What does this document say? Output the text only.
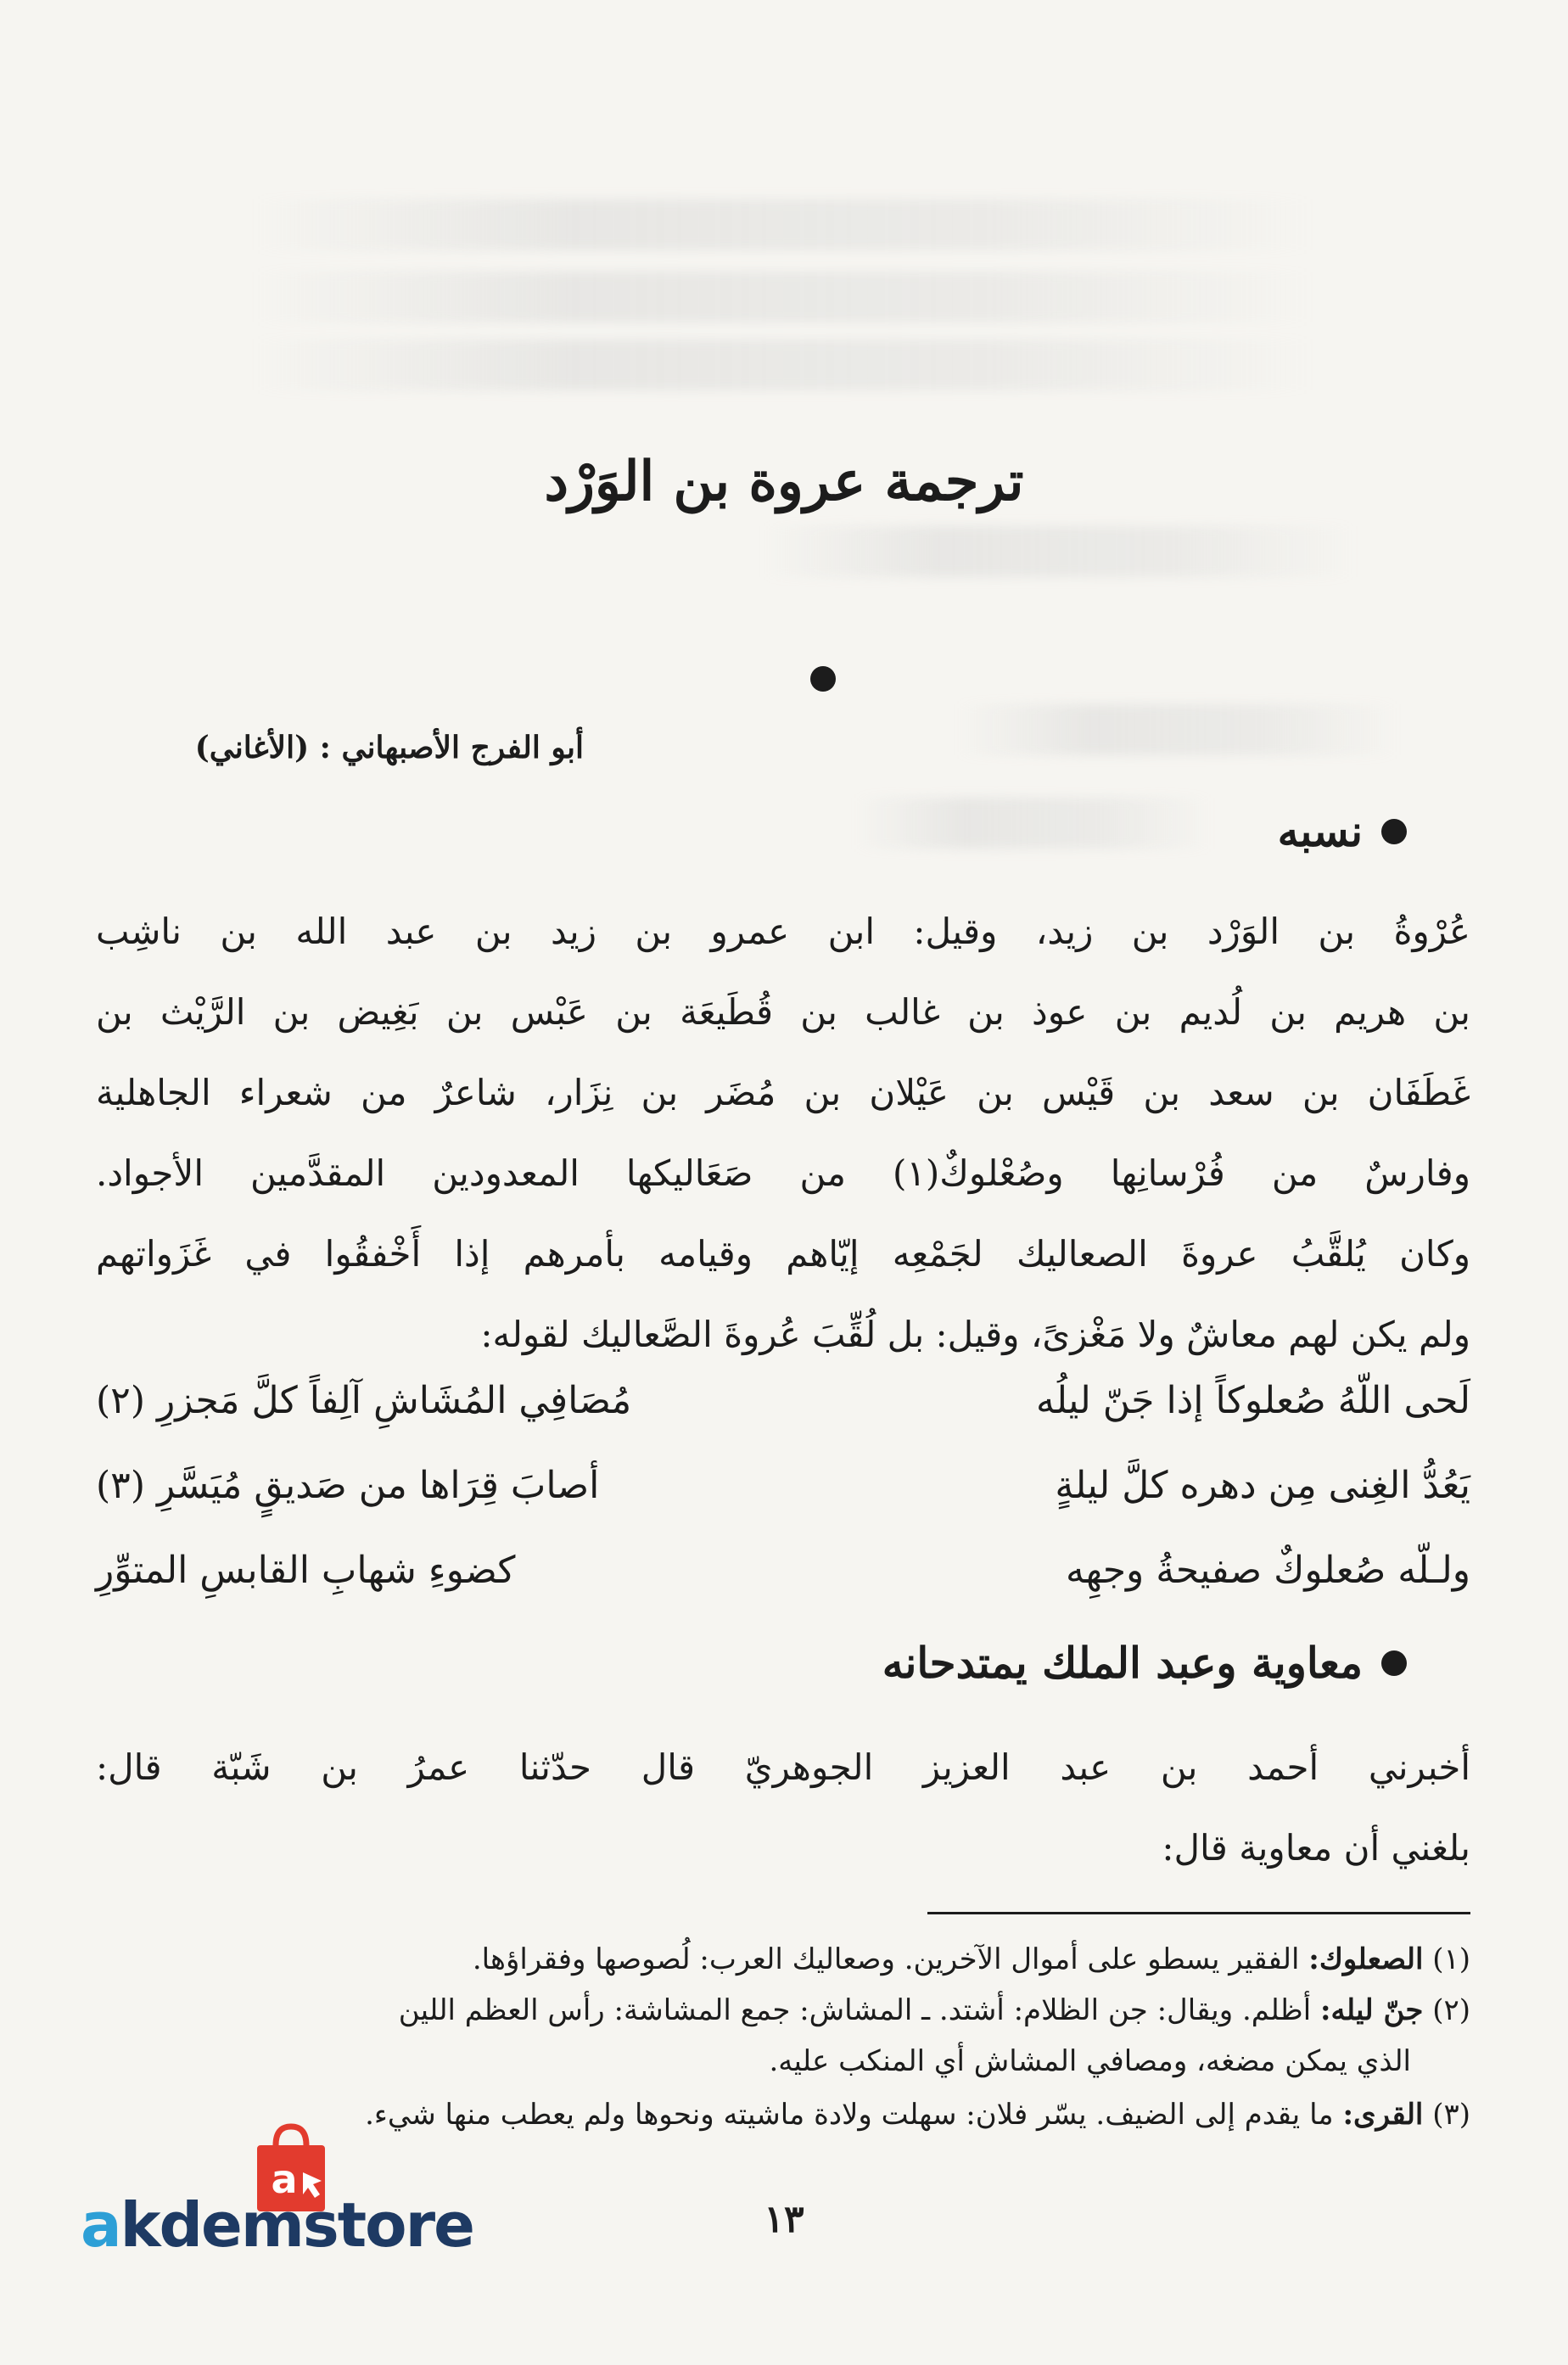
ترجمة عروة بن الوَرْد
أبو الفرج الأصبهاني : (الأغاني)
نسبه
عُرْوةُ بن الوَرْد بن زيد، وقيل: ابن عمرو بن زيد بن عبد الله بن ناشِب
بن هريم بن لُديم بن عوذ بن غالب بن قُطَيعَة بن عَبْس بن بَغِيض بن الرَّيْث بن
غَطَفَان بن سعد بن قَيْس بن عَيْلان بن مُضَر بن نِزَار، شاعرٌ من شعراء الجاهلية
وفارسٌ من فُرْسانِها وصُعْلوكٌ(١) من صَعَاليكها المعدودين المقدَّمين الأجواد.
وكان يُلقَّبُ عروةَ الصعاليك لجَمْعِه إيّاهم وقيامه بأمرهم إذا أَخْفقُوا في غَزَواتهم
ولم يكن لهم معاشٌ ولا مَغْزىً، وقيل: بل لُقِّبَ عُروةَ الصَّعاليك لقوله:
لَحى اللّهُ صُعلوكاً إذا جَنّ ليلُه
مُصَافِي المُشَاشِ آلِفاً كلَّ مَجزرِ (٢)
يَعُدُّ الغِنى مِن دهره كلَّ ليلةٍ
أصابَ قِرَاها من صَديقٍ مُيَسَّرِ (٣)
ولـلّه صُعلوكٌ صفيحةُ وجهِه
كضوءِ شهابِ القابسِ المتوِّرِ
معاوية وعبد الملك يمتدحانه
أخبرني أحمد بن عبد العزيز الجوهريّ قال حدّثنا عمرُ بن شَبّة قال:
بلغني أن معاوية قال:
(١) الصعلوك: الفقير يسطو على أموال الآخرين. وصعاليك العرب: لُصوصها وفقراؤها.
(٢) جنّ ليله: أظلم. ويقال: جن الظلام: أشتد. ـ المشاش: جمع المشاشة: رأس العظم اللين
الذي يمكن مضغه، ومصافي المشاش أي المنكب عليه.
(٣) القرى: ما يقدم إلى الضيف. يسّر فلان: سهلت ولادة ماشيته ونحوها ولم يعطب منها شيء.
١٣
a
akdemstore
